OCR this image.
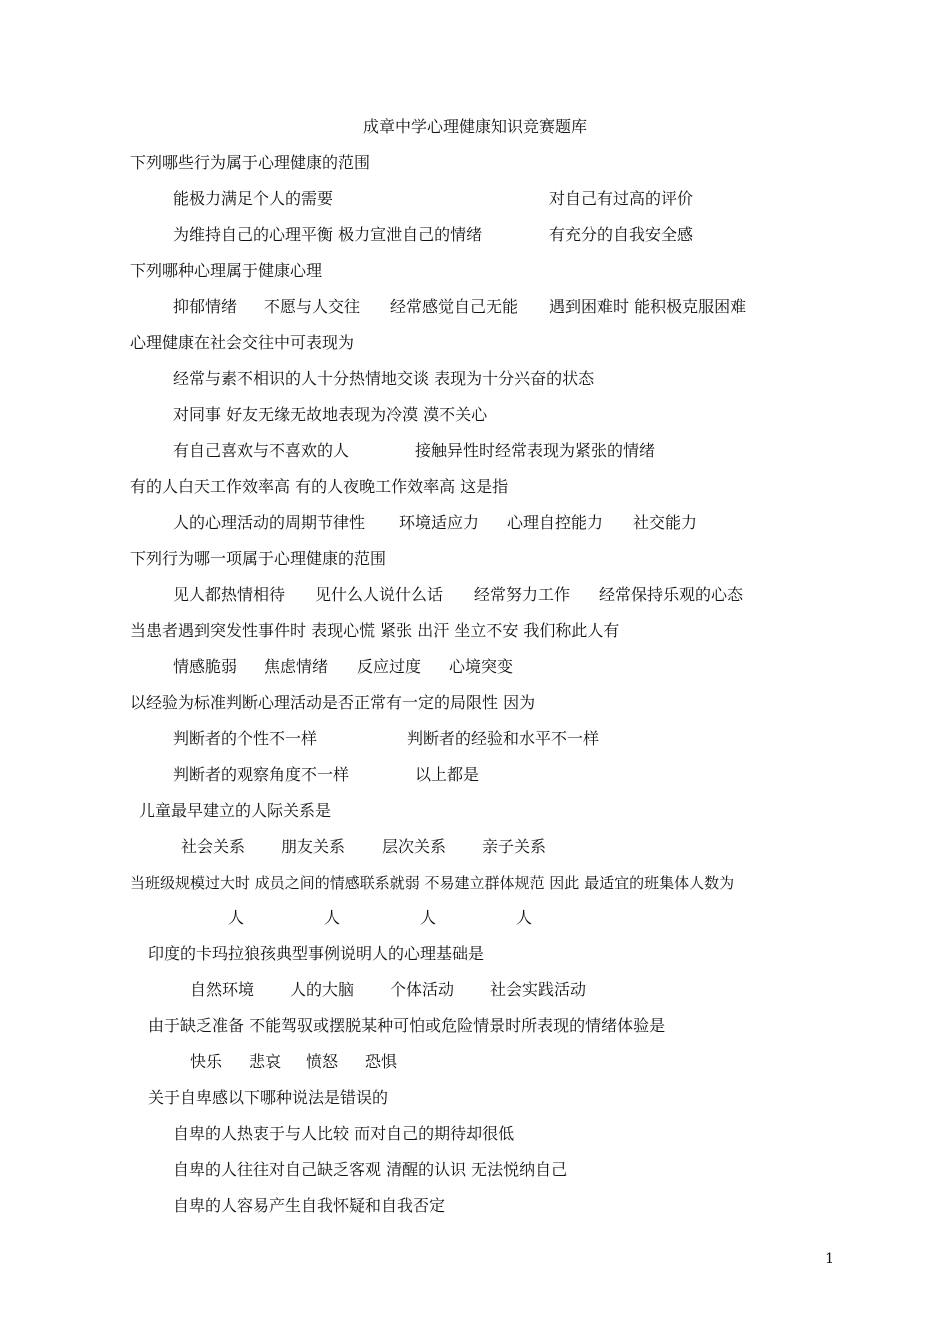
成章中学心理健康知识竞赛题库
下列哪些行为属于心理健康的范围
能极力满足个人的需要	对自己有过高的评价
为维持自己的心理平衡 极力宣泄自己的情绪	有充分的自我安全感
下列哪种心理属于健康心理
抑郁情绪 不愿与人交往 经常感觉自己无能 遇到困难时 能积极克服困难
心理健康在社会交往中可表现为
经常与素不相识的人十分热情地交谈 表现为十分兴奋的状态
对同事 好友无缘无故地表现为冷漠 漠不关心
有自己喜欢与不喜欢的人	接触异性时经常表现为紧张的情绪
有的人白天工作效率高 有的人夜晚工作效率高 这是指
人的心理活动的周期节律性 环境适应力 心理自控能力 社交能力
下列行为哪一项属于心理健康的范围
见人都热情相待 见什么人说什么话 经常努力工作 经常保持乐观的心态
当患者遇到突发性事件时 表现心慌 紧张 出汗 坐立不安 我们称此人有
情感脆弱 焦虑情绪 反应过度 心境突变
以经验为标准判断心理活动是否正常有一定的局限性 因为
判断者的个性不一样	判断者的经验和水平不一样
判断者的观察角度不一样	以上都是
儿童最早建立的人际关系是
社会关系 朋友关系 层次关系 亲子关系
当班级规模过大时 成员之间的情感联系就弱 不易建立群体规范 因此 最适宜的班集体人数为
人	人	人	人
印度的卡玛拉狼孩典型事例说明人的心理基础是
自然环境 人的大脑 个体活动 社会实践活动
由于缺乏准备 不能驾驭或摆脱某种可怕或危险情景时所表现的情绪体验是
快乐 悲哀 愤怒 恐惧
关于自卑感以下哪种说法是错误的
自卑的人热衷于与人比较 而对自己的期待却很低
自卑的人往往对自己缺乏客观 清醒的认识 无法悦纳自己
自卑的人容易产生自我怀疑和自我否定
1
